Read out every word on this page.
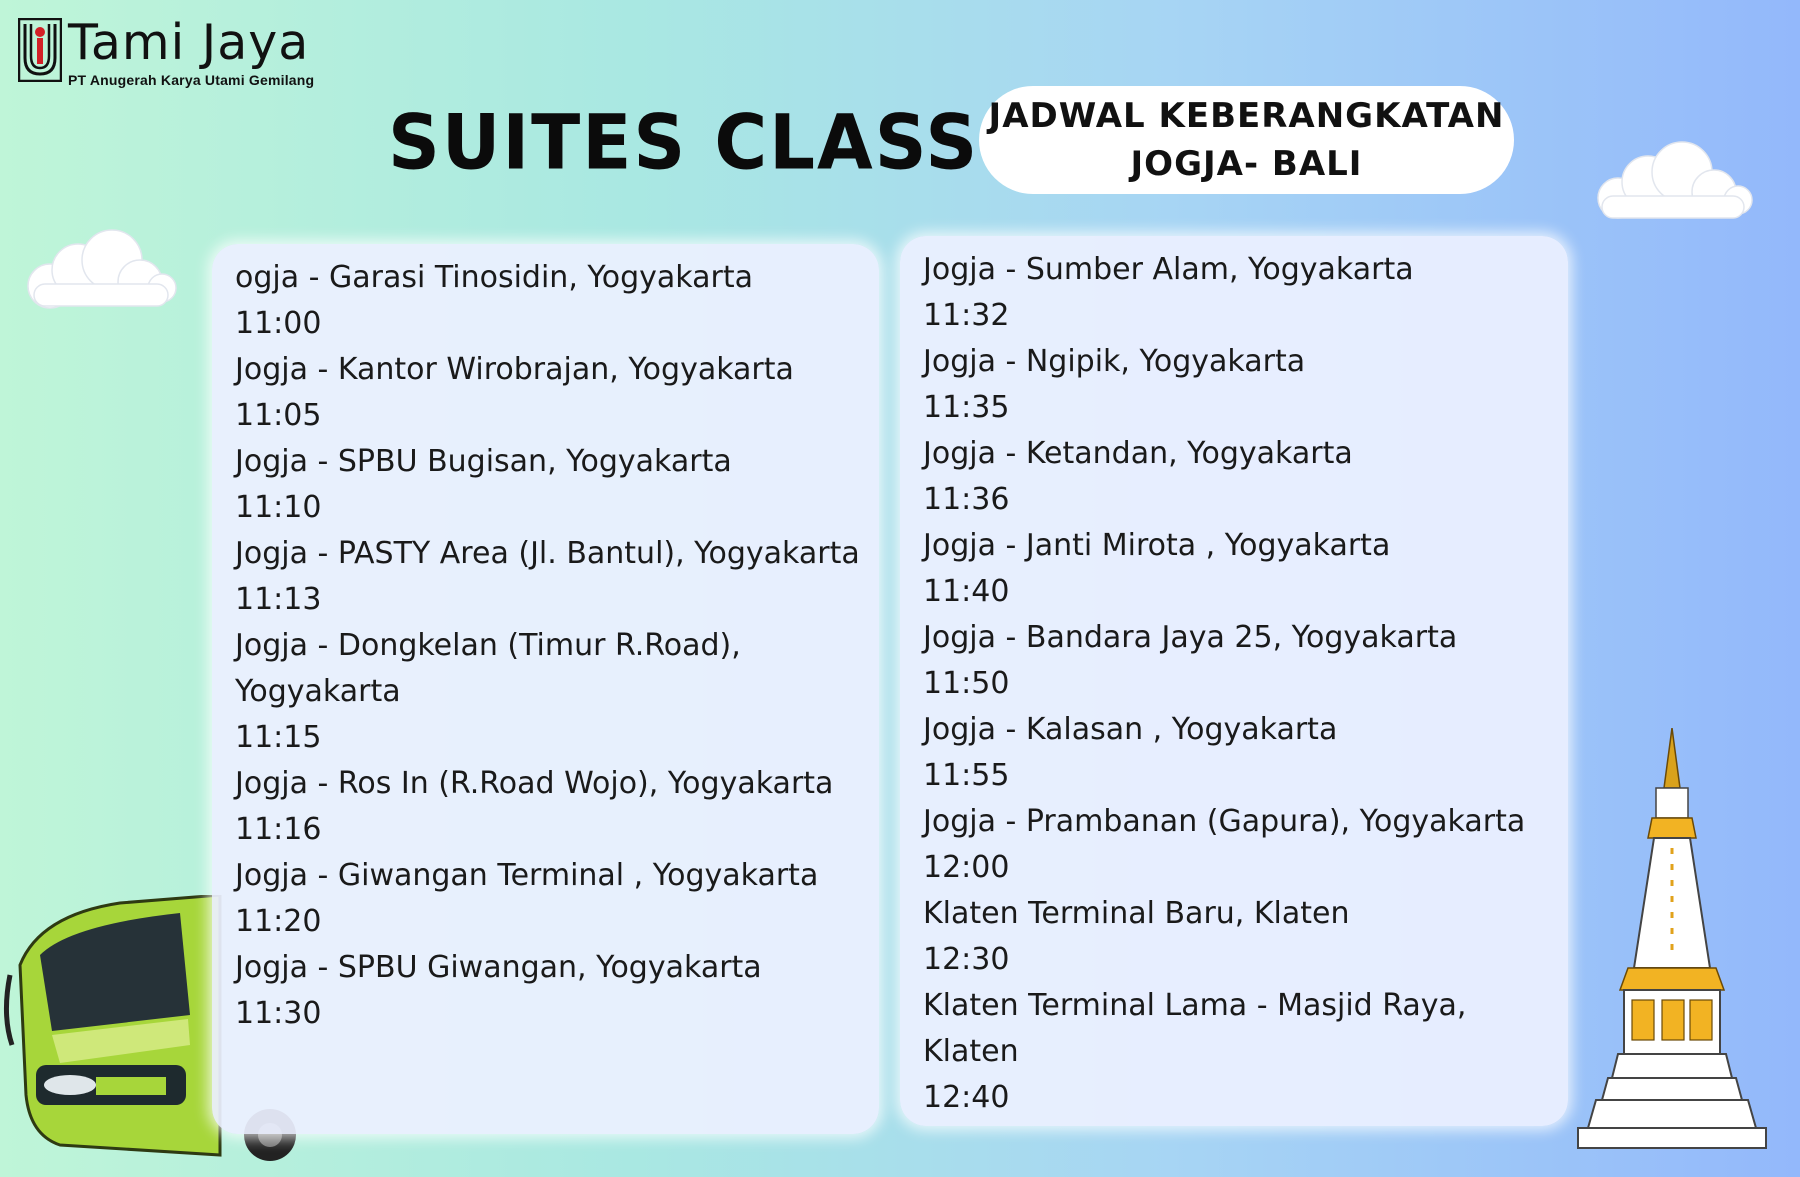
Tami Jaya
PT Anugerah Karya Utami Gemilang
SUITES CLASS JADWAL KEBERANGKATAN
JOGJA- BALI
ogja - Garasi Tinosidin, Yogyakarta
11:00
Jogja - Kantor Wirobrajan, Yogyakarta
11:05
Jogja - SPBU Bugisan, Yogyakarta
11:10
Jogja - PASTY Area (Jl. Bantul), Yogyakarta
11:13
Jogja - Dongkelan (Timur R.Road), Yogyakarta
11:15
Jogja - Ros In (R.Road Wojo), Yogyakarta
11:16
Jogja - Giwangan Terminal , Yogyakarta
11:20
Jogja - SPBU Giwangan, Yogyakarta
11:30
Jogja - Sumber Alam, Yogyakarta
11:32
Jogja - Ngipik, Yogyakarta
11:35
Jogja - Ketandan, Yogyakarta
11:36
Jogja - Janti Mirota , Yogyakarta
11:40
Jogja - Bandara Jaya 25, Yogyakarta
11:50
Jogja - Kalasan , Yogyakarta
11:55
Jogja - Prambanan (Gapura), Yogyakarta
12:00
Klaten Terminal Baru, Klaten
12:30
Klaten Terminal Lama - Masjid Raya, Klaten
12:40
